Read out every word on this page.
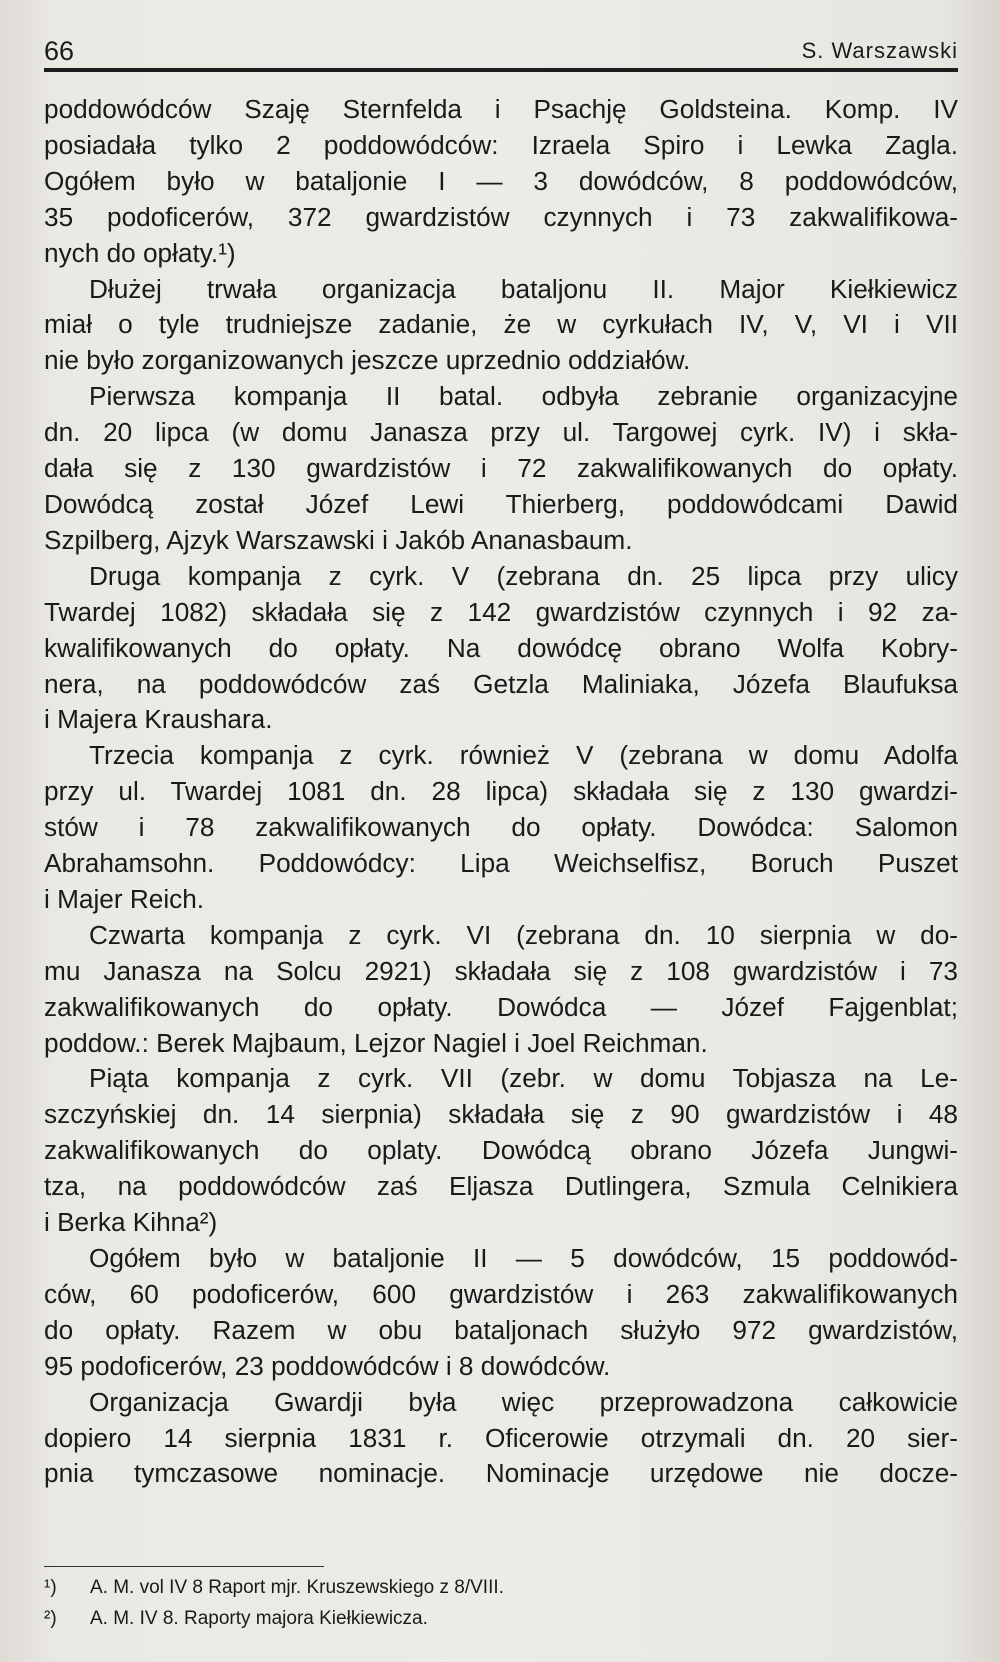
66	S. Warszawski
poddowódców Szaję Sternfelda i Psachję Goldsteina. Komp. IV
posiadała tylko 2 poddowódców: Izraela Spiro i Lewka Zagla.
Ogółem było w bataljonie I — 3 dowódców, 8 poddowódców,
35 podoficerów, 372 gwardzistów czynnych i 73 zakwalifikowa-
nych do opłaty.¹)
Dłużej trwała organizacja bataljonu II. Major Kiełkiewicz
miał o tyle trudniejsze zadanie, że w cyrkułach IV, V, VI i VII
nie było zorganizowanych jeszcze uprzednio oddziałów.
Pierwsza kompanja II batal. odbyła zebranie organizacyjne
dn. 20 lipca (w domu Janasza przy ul. Targowej cyrk. IV) i skła-
dała się z 130 gwardzistów i 72 zakwalifikowanych do opłaty.
Dowódcą został Józef Lewi Thierberg, poddowódcami Dawid
Szpilberg, Ajzyk Warszawski i Jakób Ananasbaum.
Druga kompanja z cyrk. V (zebrana dn. 25 lipca przy ulicy
Twardej 1082) składała się z 142 gwardzistów czynnych i 92 za-
kwalifikowanych do opłaty. Na dowódcę obrano Wolfa Kobry-
nera, na poddowódców zaś Getzla Maliniaka, Józefa Blaufuksa
i Majera Kraushara.
Trzecia kompanja z cyrk. również V (zebrana w domu Adolfa
przy ul. Twardej 1081 dn. 28 lipca) składała się z 130 gwardzi-
stów i 78 zakwalifikowanych do opłaty. Dowódca: Salomon
Abrahamsohn. Poddowódcy: Lipa Weichselfisz, Boruch Puszet
i Majer Reich.
Czwarta kompanja z cyrk. VI (zebrana dn. 10 sierpnia w do-
mu Janasza na Solcu 2921) składała się z 108 gwardzistów i 73
zakwalifikowanych do opłaty. Dowódca — Józef Fajgenblat;
poddow.: Berek Majbaum, Lejzor Nagiel i Joel Reichman.
Piąta kompanja z cyrk. VII (zebr. w domu Tobjasza na Le-
szczyńskiej dn. 14 sierpnia) składała się z 90 gwardzistów i 48
zakwalifikowanych do oplaty. Dowódcą obrano Józefa Jungwi-
tza, na poddowódców zaś Eljasza Dutlingera, Szmula Celnikiera
i Berka Kihna²)
Ogółem było w bataljonie II — 5 dowódców, 15 poddowód-
ców, 60 podoficerów, 600 gwardzistów i 263 zakwalifikowanych
do opłaty. Razem w obu bataljonach służyło 972 gwardzistów,
95 podoficerów, 23 poddowódców i 8 dowódców.
Organizacja Gwardji była więc przeprowadzona całkowicie
dopiero 14 sierpnia 1831 r. Oficerowie otrzymali dn. 20 sier-
pnia tymczasowe nominacje. Nominacje urzędowe nie docze-
¹) A. M. vol IV 8 Raport mjr. Kruszewskiego z 8/VIII.
²) A. M. IV 8. Raporty majora Kiełkiewicza.
